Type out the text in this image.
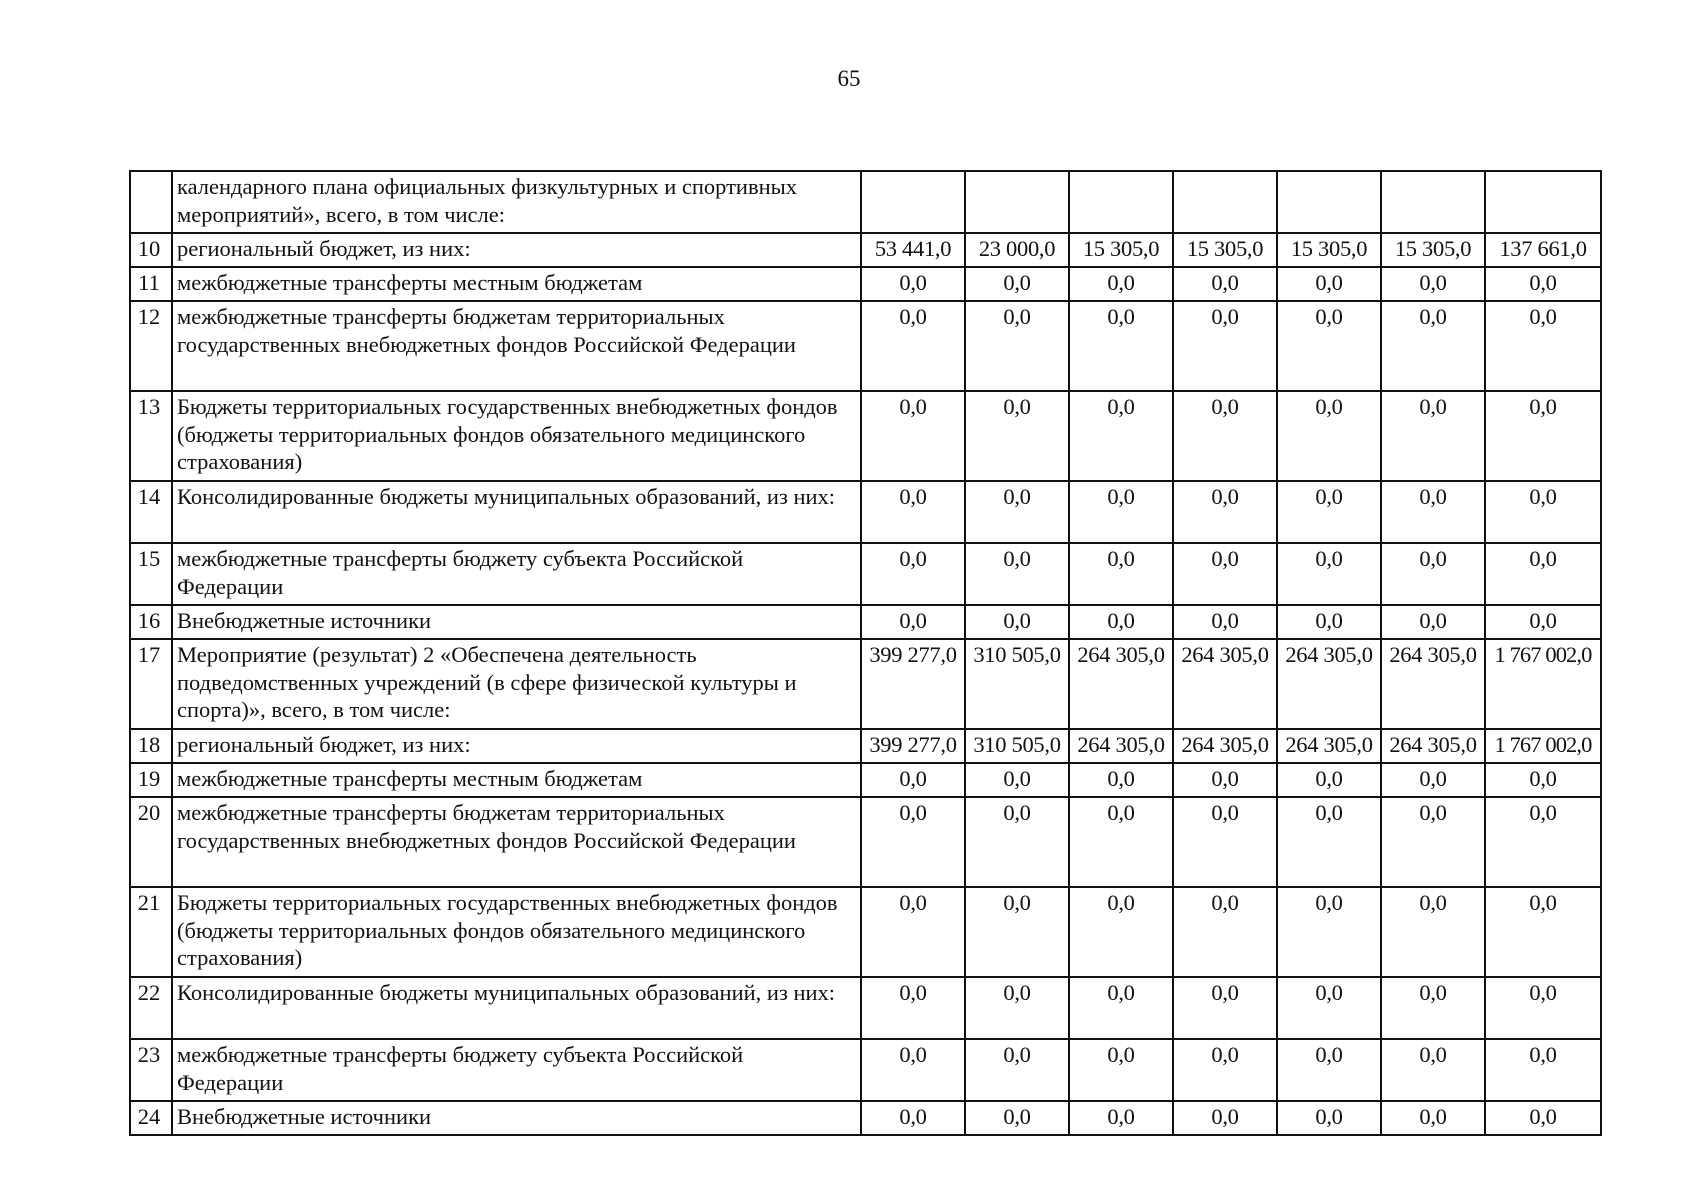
65
	календарного плана официальных физкультурных и спортивных мероприятий», всего, в том числе:							
10	региональный бюджет, из них:	53 441,0	23 000,0	15 305,0	15 305,0	15 305,0	15 305,0	137 661,0
11	межбюджетные трансферты местным бюджетам	0,0	0,0	0,0	0,0	0,0	0,0	0,0
12	межбюджетные трансферты бюджетам территориальных государственных внебюджетных фондов Российской Федерации	0,0	0,0	0,0	0,0	0,0	0,0	0,0
13	Бюджеты территориальных государственных внебюджетных фондов (бюджеты территориальных фондов обязательного медицинского страхования)	0,0	0,0	0,0	0,0	0,0	0,0	0,0
14	Консолидированные бюджеты муниципальных образований, из них:	0,0	0,0	0,0	0,0	0,0	0,0	0,0
15	межбюджетные трансферты бюджету субъекта Российской Федерации	0,0	0,0	0,0	0,0	0,0	0,0	0,0
16	Внебюджетные источники	0,0	0,0	0,0	0,0	0,0	0,0	0,0
17	Мероприятие (результат) 2 «Обеспечена деятельность подведомственных учреждений (в сфере физической культуры и спорта)», всего, в том числе:	399 277,0	310 505,0	264 305,0	264 305,0	264 305,0	264 305,0	1 767 002,0
18	региональный бюджет, из них:	399 277,0	310 505,0	264 305,0	264 305,0	264 305,0	264 305,0	1 767 002,0
19	межбюджетные трансферты местным бюджетам	0,0	0,0	0,0	0,0	0,0	0,0	0,0
20	межбюджетные трансферты бюджетам территориальных государственных внебюджетных фондов Российской Федерации	0,0	0,0	0,0	0,0	0,0	0,0	0,0
21	Бюджеты территориальных государственных внебюджетных фондов (бюджеты территориальных фондов обязательного медицинского страхования)	0,0	0,0	0,0	0,0	0,0	0,0	0,0
22	Консолидированные бюджеты муниципальных образований, из них:	0,0	0,0	0,0	0,0	0,0	0,0	0,0
23	межбюджетные трансферты бюджету субъекта Российской Федерации	0,0	0,0	0,0	0,0	0,0	0,0	0,0
24	Внебюджетные источники	0,0	0,0	0,0	0,0	0,0	0,0	0,0
